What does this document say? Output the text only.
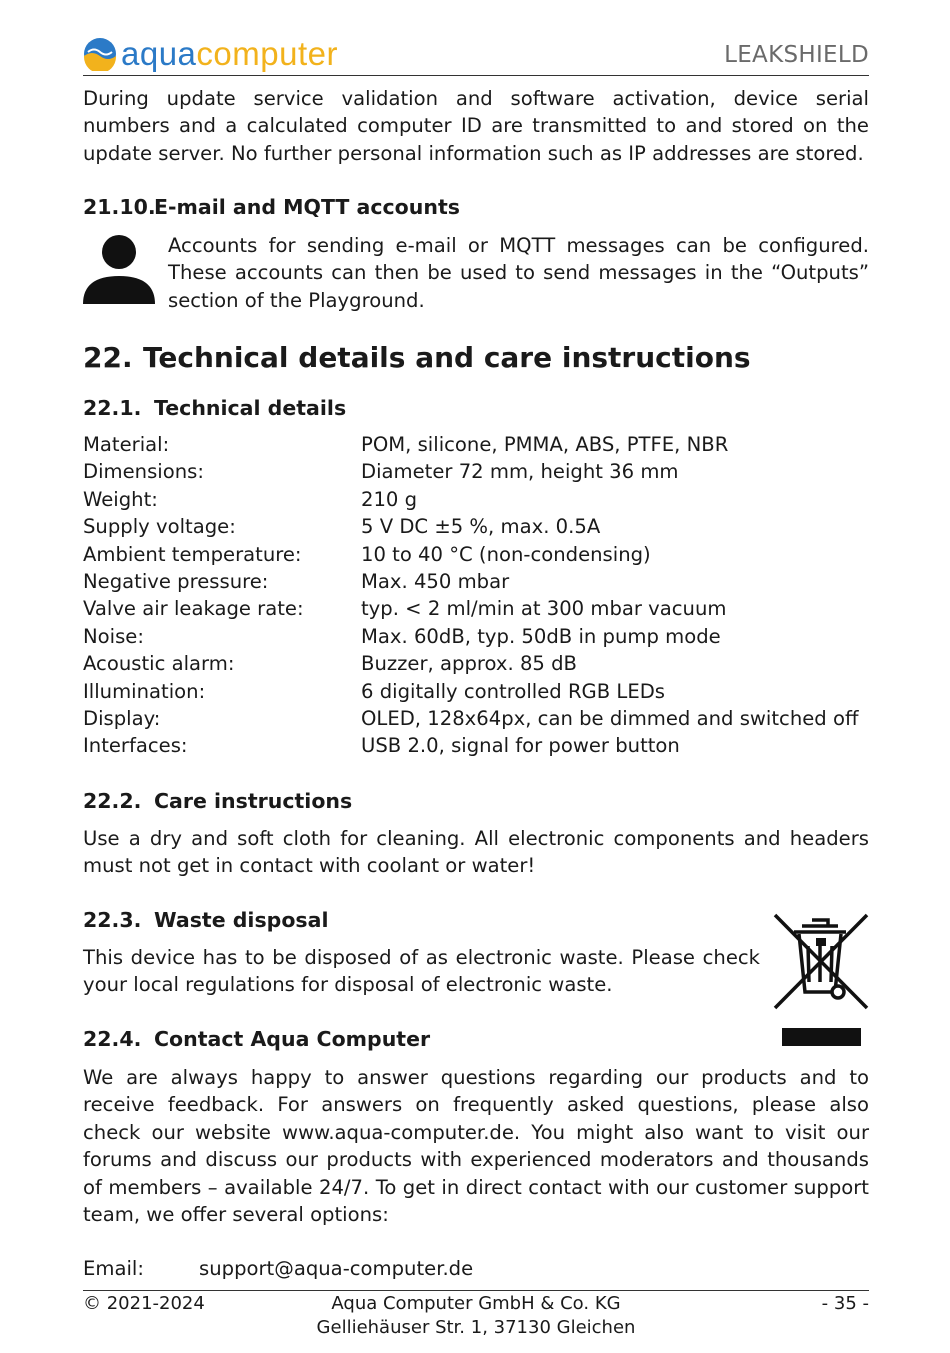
aquacomputer	LEAKSHIELD

During update service validation and software activation, device serial numbers and a calculated computer ID are transmitted to and stored on the update server. No further personal information such as IP addresses are stored.

21.10.E-mail and MQTT accounts

Accounts for sending e-mail or MQTT messages can be configured. These accounts can then be used to send messages in the “Outputs” section of the Playground.

22. Technical details and care instructions
22.1. Technical details
Material:	POM, silicone, PMMA, ABS, PTFE, NBR
Dimensions:	Diameter 72 mm, height 36 mm
Weight:	210 g
Supply voltage:	5 V DC ±5 %, max. 0.5A
Ambient temperature:	10 to 40 °C (non-condensing)
Negative pressure:	Max. 450 mbar
Valve air leakage rate:	typ. < 2 ml/min at 300 mbar vacuum
Noise:	Max. 60dB, typ. 50dB in pump mode
Acoustic alarm:	Buzzer, approx. 85 dB
Illumination:	6 digitally controlled RGB LEDs
Display:	OLED, 128x64px, can be dimmed and switched off
Interfaces:	USB 2.0, signal for power button
22.2. Care instructions

Use a dry and soft cloth for cleaning. All electronic components and headers must not get in contact with coolant or water!

22.3. Waste disposal

This device has to be disposed of as electronic waste. Please check your local regulations for disposal of electronic waste.

22.4. Contact Aqua Computer

We are always happy to answer questions regarding our products and to receive feedback. For answers on frequently asked questions, please also check our website www.aqua-computer.de. You might also want to visit our forums and discuss our products with experienced moderators and thousands of members – available 24/7. To get in direct contact with our customer support team, we offer several options:

Email:	support@aqua-computer.de
© 2021-2024	Aqua Computer GmbH & Co. KG
Gelliehäuser Str. 1, 37130 Gleichen
- 35 -
